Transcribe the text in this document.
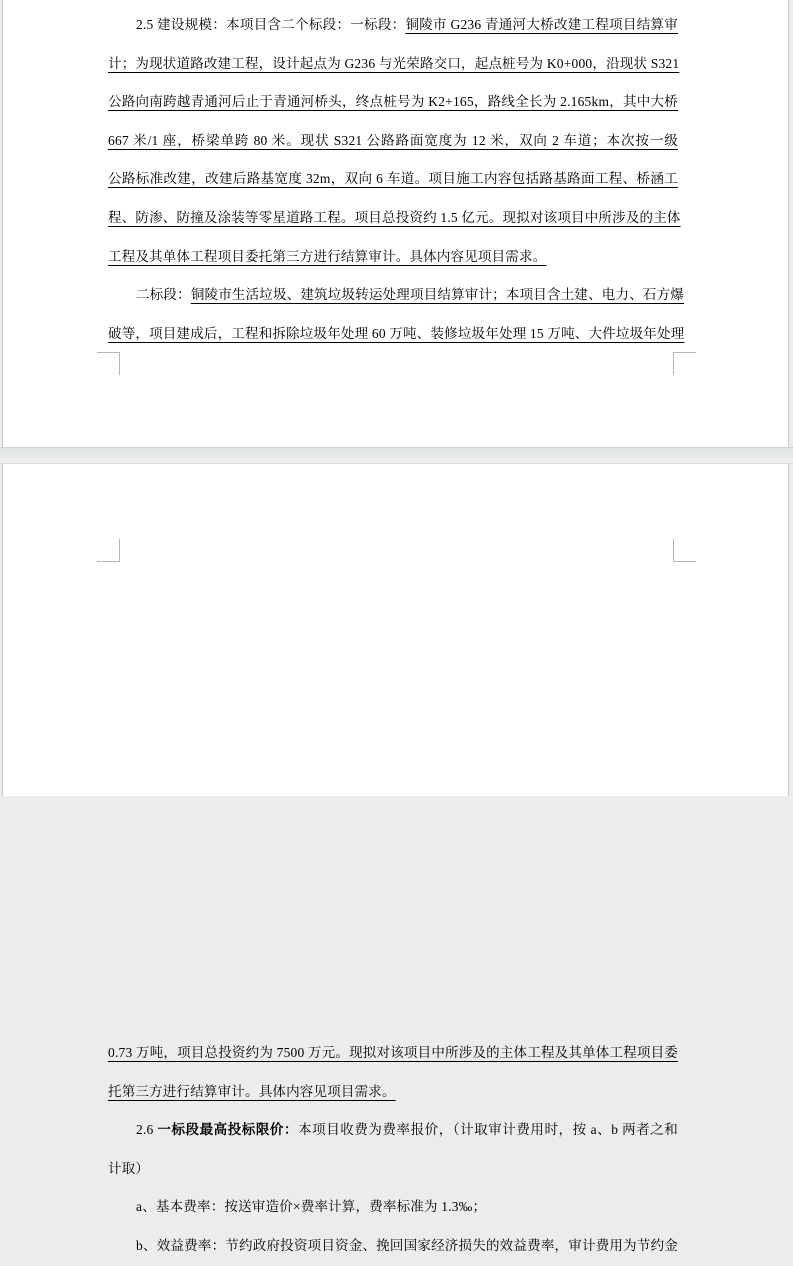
2.5 建设规模：本项目含二个标段：一标段：铜陵市 G236 青通河大桥改建工程项目结算审
计；为现状道路改建工程，设计起点为 G236 与光荣路交口，起点桩号为 K0+000，沿现状 S321
公路向南跨越青通河后止于青通河桥头，终点桩号为 K2+165，路线全长为 2.165km，其中大桥
667 米/1 座，桥梁单跨 80 米。现状 S321 公路路面宽度为 12 米，双向 2 车道；本次按一级
公路标准改建，改建后路基宽度 32m，双向 6 车道。项目施工内容包括路基路面工程、桥涵工
程、防渗、防撞及涂装等零星道路工程。项目总投资约 1.5 亿元。现拟对该项目中所涉及的主体
工程及其单体工程项目委托第三方进行结算审计。具体内容见项目需求。
二标段：铜陵市生活垃圾、建筑垃圾转运处理项目结算审计；本项目含土建、电力、石方爆
破等，项目建成后，工程和拆除垃圾年处理 60 万吨、装修垃圾年处理 15 万吨、大件垃圾年处理
0.73 万吨，项目总投资约为 7500 万元。现拟对该项目中所涉及的主体工程及其单体工程项目委
托第三方进行结算审计。具体内容见项目需求。
2.6 一标段最高投标限价：本项目收费为费率报价，（计取审计费用时，按 a、b 两者之和
计取）
a、基本费率：按送审造价×费率计算，费率标准为 1.3‰；
b、效益费率：节约政府投资项目资金、挽回国家经济损失的效益费率，审计费用为节约金
